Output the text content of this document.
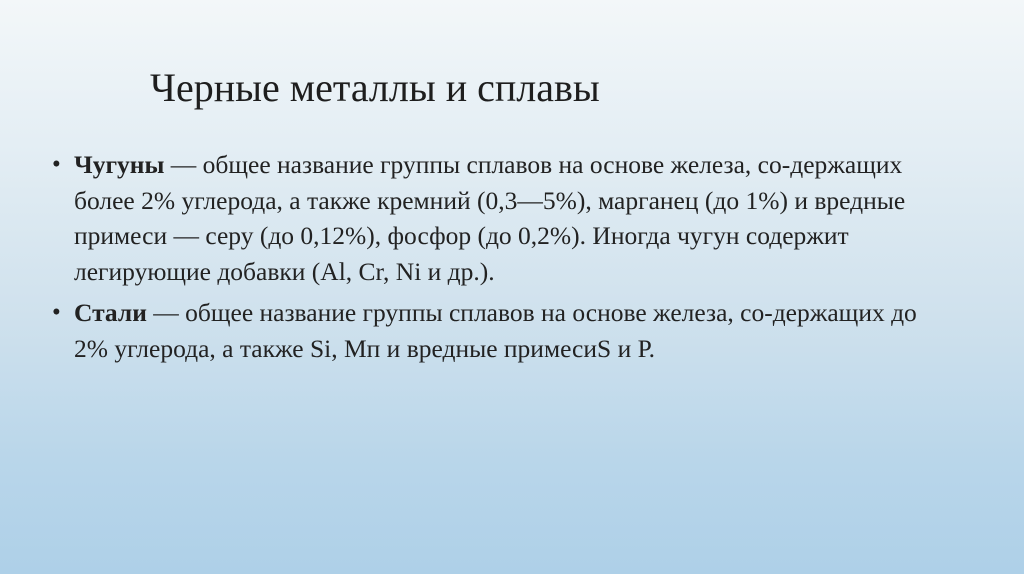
Черные металлы и сплавы
• Чугуны — общее название группы сплавов на основе железа, со-держащих более 2% углерода, а также кремний (0,3—5%), марганец (до 1%) и вредные примеси — серу (до 0,12%), фосфор (до 0,2%). Иногда чугун содержит легирующие добавки (Al, Cr, Ni и др.).
• Стали — общее название группы сплавов на основе железа, со-держащих до 2% углерода, а также Si, Мп и вредные примесиS и Р.
